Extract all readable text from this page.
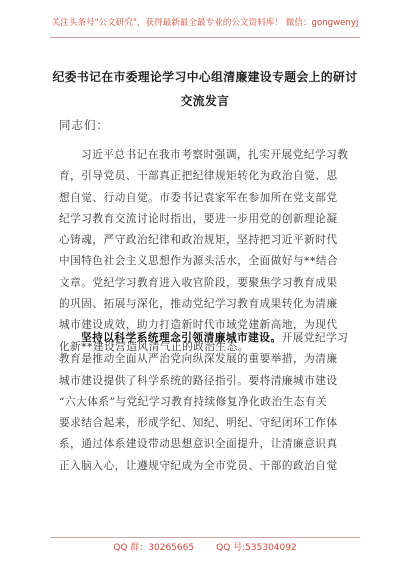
关注头条号"公文研究"，获得最新最全最专业的公文资料库！ 微信：gongwenyj
纪委书记在市委理论学习中心组清廉建设专题会上的研讨
交流发言
同志们：
习近平总书记在我市考察时强调，扎实开展党纪学习教
育，引导党员、干部真正把纪律规矩转化为政治自觉、思
想自觉、行动自觉。市委书记袁家军在参加所在党支部党
纪学习教育交流讨论时指出，要进一步用党的创新理论凝
心铸魂，严守政治纪律和政治规矩，坚持把习近平新时代
中国特色社会主义思想作为源头活水，全面做好与**结合
文章。党纪学习教育进入收官阶段，要聚焦学习教育成果
的巩固、拓展与深化，推动党纪学习教育成果转化为清廉
城市建设成效，助力打造新时代市域党建新高地，为现代
化新**建设营造风清气正的政治生态。
坚持以科学系统理念引领清廉城市建设。开展党纪学习
教育是推动全面从严治党向纵深发展的重要举措，为清廉
城市建设提供了科学系统的路径指引。要将清廉城市建设
“六大体系”与党纪学习教育持续修复净化政治生态有关
要求结合起来，形成学纪、知纪、明纪、守纪闭环工作体
系，通过体系建设带动思想意识全面提升，让清廉意识真
正入脑入心，让遵规守纪成为全市党员、干部的政治自觉
QQ 群：30265665 QQ 号:535304092
